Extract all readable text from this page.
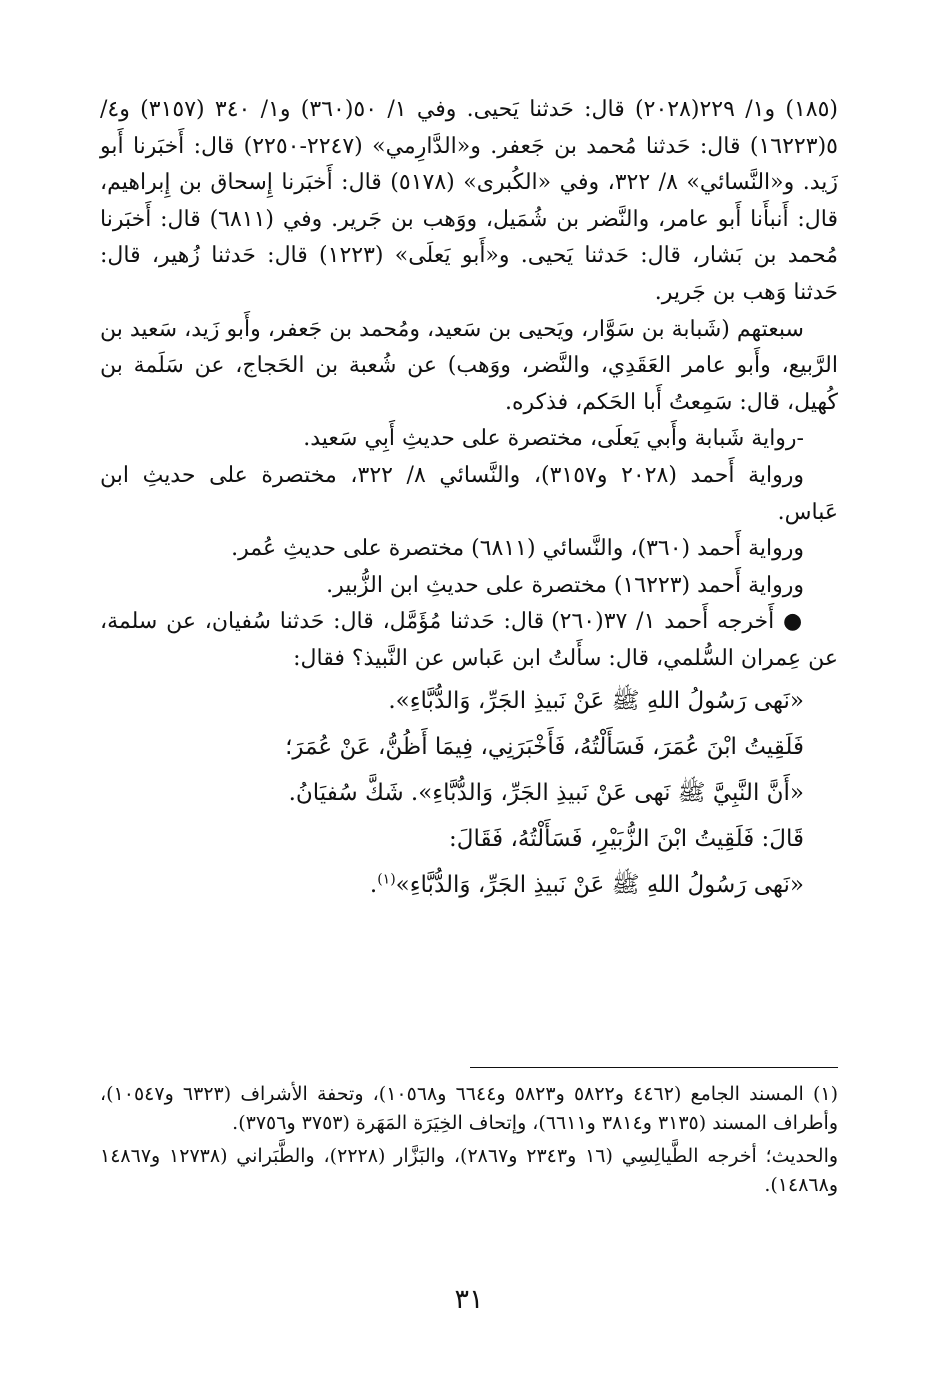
(١٨٥) و١/ ٢٢٩(٢٠٢٨) قال: حَدثنا يَحيى. وفي ١/ ٥٠(٣٦٠) و١/ ٣٤٠ (٣١٥٧) و٤/ ٥(١٦٢٢٣) قال: حَدثنا مُحمد بن جَعفر. و«الدَّارِمي» (٢٢٤٧-٢٢٥٠) قال: أَخبَرنا أَبو زَيد. و«النَّسائي» ٨/ ٣٢٢، وفي «الكُبرى» (٥١٧٨) قال: أَخبَرنا إِسحاق بن إِبراهيم، قال: أَنبأَنا أَبو عامر، والنَّضر بن شُمَيل، ووَهب بن جَرير. وفي (٦٨١١) قال: أَخبَرنا مُحمد بن بَشار، قال: حَدثنا يَحيى. و«أَبو يَعلَى» (١٢٢٣) قال: حَدثنا زُهير، قال: حَدثنا وَهب بن جَرير.

سبعتهم (شَبابة بن سَوَّار، ويَحيى بن سَعيد، ومُحمد بن جَعفر، وأَبو زَيد، سَعيد بن الرَّبيع، وأَبو عامر العَقَدِي، والنَّضر، ووَهب) عن شُعبة بن الحَجاج، عن سَلَمة بن كُهيل، قال: سَمِعتُ أَبا الحَكم، فذكره.

-رواية شَبابة وأَبي يَعلَى، مختصرة على حديثِ أَبِي سَعيد.

ورواية أَحمد (٢٠٢٨ و٣١٥٧)، والنَّسائي ٨/ ٣٢٢، مختصرة على حديثِ ابن عَباس.

ورواية أَحمد (٣٦٠)، والنَّسائي (٦٨١١) مختصرة على حديثِ عُمر.

ورواية أَحمد (١٦٢٢٣) مختصرة على حديثِ ابن الزُّبير.

● أَخرجه أَحمد ١/ ٣٧(٢٦٠) قال: حَدثنا مُؤَمَّل، قال: حَدثنا سُفيان، عن سلمة، عن عِمران السُّلمي، قال: سأَلتُ ابن عَباس عن النَّبيذ؟ فقال:

«نَهى رَسُولُ اللهِ ﷺ عَنْ نَبيذِ الجَرِّ، وَالدُّبَّاءِ».
فَلَقِيتُ ابْنَ عُمَرَ، فَسَأَلْتُهُ، فَأَخْبَرَنِي، فِيمَا أَظُنُّ، عَنْ عُمَرَ؛
«أَنَّ النَّبِيَّ ﷺ نَهى عَنْ نَبيذِ الجَرِّ، وَالدُّبَّاءِ». شَكَّ سُفيَانُ.
قَالَ: فَلَقِيتُ ابْنَ الزُّبَيْرِ، فَسَأَلْتُهُ، فَقَالَ:
«نَهى رَسُولُ اللهِ ﷺ عَنْ نَبيذِ الجَرِّ، وَالدُّبَّاءِ»$^{(١)}$.

(١) المسند الجامع (٤٤٦٢ و٥٨٢٢ و٥٨٢٣ و٦٦٤٤ و١٠٥٦٨)، وتحفة الأشراف (٦٣٢٣ و١٠٥٤٧)، وأطراف المسند (٣١٣٥ و٣٨١٤ و٦٦١١)، وإتحاف الخِيَرَة المَهَرة (٣٧٥٣ و٣٧٥٦).

والحديث؛ أخرجه الطَّيالِسِي (١٦ و٢٣٤٣ و٢٨٦٧)، والبَزَّار (٢٢٢٨)، والطَّبَراني (١٢٧٣٨ و١٤٨٦٧ و١٤٨٦٨).

٣١
